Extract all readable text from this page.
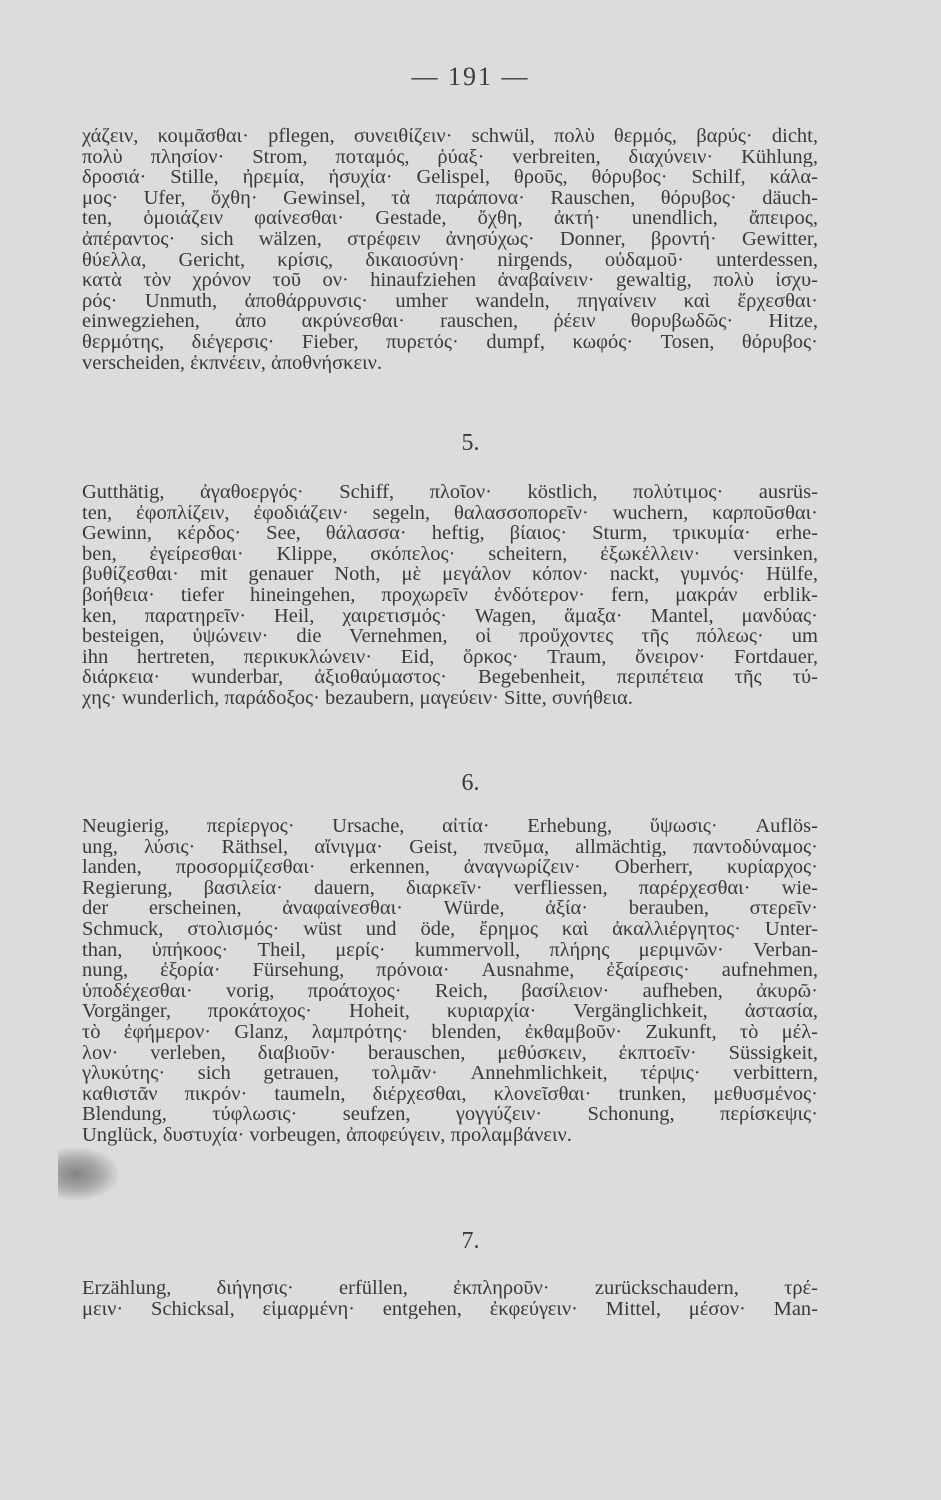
— 191 —
χάζειν, κοιμᾶσθαι· pflegen, συνειθίζειν· schwül, πολὺ θερμός, βαρύς· dicht,
πολὺ πλησίον· Strom, ποταμός, ῥύαξ· verbreiten, διαχύνειν· Kühlung,
δροσιά· Stille, ἠρεμία, ἡσυχία· Gelispel, θροῦς, θόρυβος· Schilf, κάλα-
μος· Ufer, ὄχθη· Gewinsel, τὰ παράπονα· Rauschen, θόρυβος· däuch-
ten, ὁμοιάζειν φαίνεσθαι· Gestade, ὄχθη, ἀκτή· unendlich, ἄπειρος,
ἀπέραντος· sich wälzen, στρέφειν ἀνησύχως· Donner, βροντή· Gewitter,
θύελλα, Gericht, κρίσις, δικαιοσύνη· nirgends, οὐδαμοῦ· unterdessen,
κατὰ τὸν χρόνον τοῦ ον· hinaufziehen ἀναβαίνειν· gewaltig, πολὺ ἰσχυ-
ρός· Unmuth, ἀποθάρρυνσις· umher wandeln, πηγαίνειν καὶ ἔρχεσθαι·
einwegziehen, ἀπο ακρύνεσθαι· rauschen, ῥέειν θορυβωδῶς· Hitze,
θερμότης, διέγερσις· Fieber, πυρετός· dumpf, κωφός· Tosen, θόρυβος·
verscheiden, ἐκπνέειν, ἀποθνήσκειν.
5.
Gutthätig, ἀγαθοεργός· Schiff, πλοῖον· köstlich, πολύτιμος· ausrüs-
ten, ἐφοπλίζειν, ἐφοδιάζειν· segeln, θαλασσοπορεῖν· wuchern, καρποῦσθαι·
Gewinn, κέρδος· See, θάλασσα· heftig, βίαιος· Sturm, τρικυμία· erhe-
ben, ἐγείρεσθαι· Klippe, σκόπελος· scheitern, ἐξωκέλλειν· versinken,
βυθίζεσθαι· mit genauer Noth, μὲ μεγάλον κόπον· nackt, γυμνός· Hülfe,
βοήθεια· tiefer hineingehen, προχωρεῖν ἐνδότερον· fern, μακράν erblik-
ken, παρατηρεῖν· Heil, χαιρετισμός· Wagen, ἅμαξα· Mantel, μανδύας·
besteigen, ὑψώνειν· die Vernehmen, οἱ προὔχοντες τῆς πόλεως· um
ihn hertreten, περικυκλώνειν· Eid, ὅρκος· Traum, ὄνειρον· Fortdauer,
διάρκεια· wunderbar, ἀξιοθαύμαστος· Begebenheit, περιπέτεια τῆς τύ-
χης· wunderlich, παράδοξος· bezaubern, μαγεύειν· Sitte, συνήθεια.
6.
Neugierig, περίεργος· Ursache, αἰτία· Erhebung, ὕψωσις· Auflös-
ung, λύσις· Räthsel, αἴνιγμα· Geist, πνεῦμα, allmächtig, παντοδύναμος·
landen, προσορμίζεσθαι· erkennen, ἀναγνωρίζειν· Oberherr, κυρίαρχος·
Regierung, βασιλεία· dauern, διαρκεῖν· verfliessen, παρέρχεσθαι· wie-
der erscheinen, ἀναφαίνεσθαι· Würde, ἀξία· berauben, στερεῖν·
Schmuck, στολισμός· wüst und öde, ἔρημος καὶ ἀκαλλιέργητος· Unter-
than, ὑπήκοος· Theil, μερίς· kummervoll, πλήρης μεριμνῶν· Verban-
nung, ἐξορία· Fürsehung, πρόνοια· Ausnahme, ἐξαίρεσις· aufnehmen,
ὑποδέχεσθαι· vorig, προάτοχος· Reich, βασίλειον· aufheben, ἀκυρῶ·
Vorgänger, προκάτοχος· Hoheit, κυριαρχία· Vergänglichkeit, ἀστασία,
τὸ ἐφήμερον· Glanz, λαμπρότης· blenden, ἐκθαμβοῦν· Zukunft, τὸ μέλ-
λον· verleben, διαβιοῦν· berauschen, μεθύσκειν, ἐκπτοεῖν· Süssigkeit,
γλυκύτης· sich getrauen, τολμᾶν· Annehmlichkeit, τέρψις· verbittern,
καθιστᾶν πικρόν· taumeln, διέρχεσθαι, κλονεῖσθαι· trunken, μεθυσμένος·
Blendung, τύφλωσις· seufzen, γογγύζειν· Schonung, περίσκεψις·
Unglück, δυστυχία· vorbeugen, ἀποφεύγειν, προλαμβάνειν.
7.
Erzählung, διήγησις· erfüllen, ἐκπληροῦν· zurückschaudern, τρέ-
μειν· Schicksal, εἱμαρμένη· entgehen, ἐκφεύγειν· Mittel, μέσον· Man-
